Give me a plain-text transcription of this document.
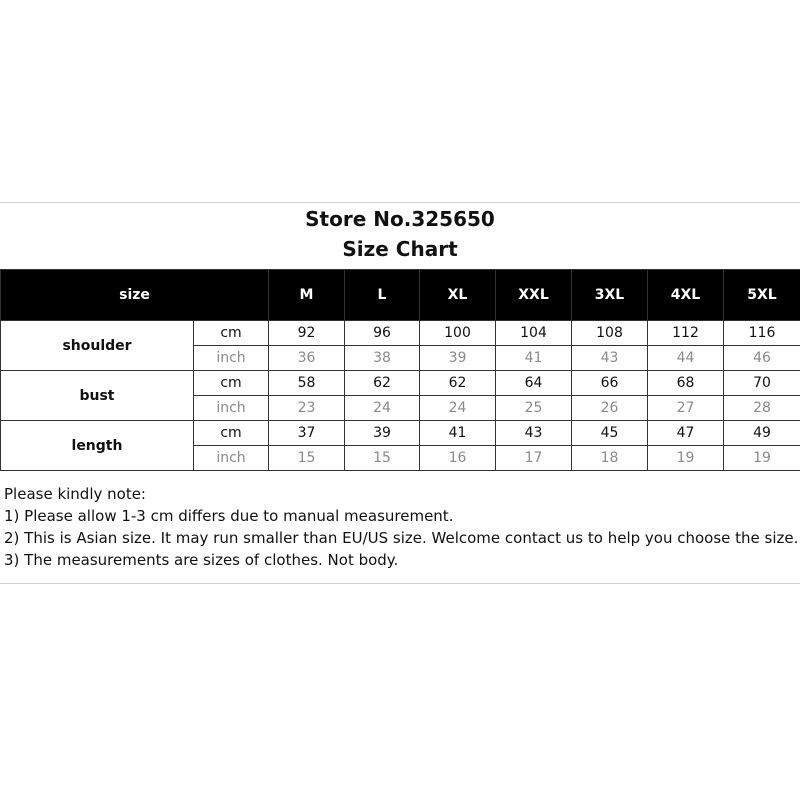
Store No.325650
Size Chart
size		M	L	XL	XXL	3XL	4XL	5XL
shoulder	cm	92	96	100	104	108	112	116
	inch	36	38	39	41	43	44	46
bust	cm	58	62	62	64	66	68	70
	inch	23	24	24	25	26	27	28
length	cm	37	39	41	43	45	47	49
	inch	15	15	16	17	18	19	19
Please kindly note:
1) Please allow 1-3 cm differs due to manual measurement.
2) This is Asian size. It may run smaller than EU/US size. Welcome contact us to help you choose the size.
3) The measurements are sizes of clothes. Not body.
